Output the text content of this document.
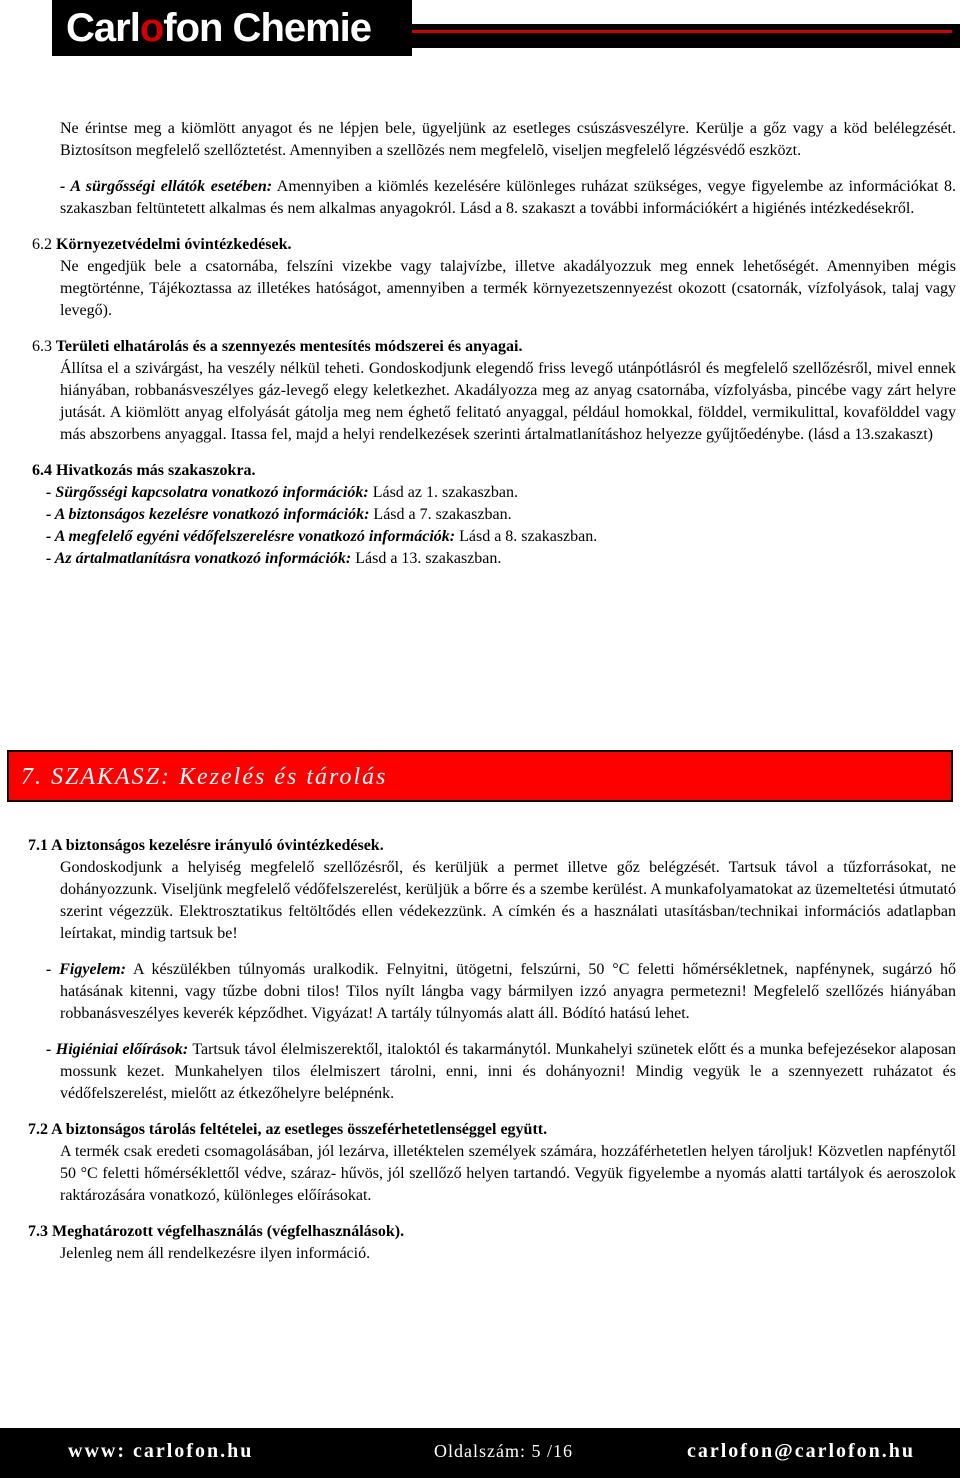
Carlofon Chemie

Ne érintse meg a kiömlött anyagot és ne lépjen bele, ügyeljünk az esetleges csúszásveszélyre. Kerülje a gőz vagy a köd belélegzését. Biztosítson megfelelő szellőztetést. Amennyiben a szellõzés nem megfelelõ, viseljen megfelelő légzésvédő eszközt.

- A sürgősségi ellátók esetében: Amennyiben a kiömlés kezelésére különleges ruházat szükséges, vegye figyelembe az információkat 8. szakaszban feltüntetett alkalmas és nem alkalmas anyagokról. Lásd a 8. szakaszt a további információkért a higiénés intézkedésekről.

6.2 Környezetvédelmi óvintézkedések.

Ne engedjük bele a csatornába, felszíni vizekbe vagy talajvízbe, illetve akadályozzuk meg ennek lehetőségét. Amennyiben mégis megtörténne, Tájékoztassa az illetékes hatóságot, amennyiben a termék környezetszennyezést okozott (csatornák, vízfolyások, talaj vagy levegő).

6.3 Területi elhatárolás és a szennyezés mentesítés módszerei és anyagai.

Állítsa el a szivárgást, ha veszély nélkül teheti. Gondoskodjunk elegendő friss levegő utánpótlásról és megfelelő szellőzésről, mivel ennek hiányában, robbanásveszélyes gáz-levegő elegy keletkezhet. Akadályozza meg az anyag csatornába, vízfolyásba, pincébe vagy zárt helyre jutását. A kiömlött anyag elfolyását gátolja meg nem éghető felitató anyaggal, például homokkal, földdel, vermikulittal, kovafölddel vagy más abszorbens anyaggal. Itassa fel, majd a helyi rendelkezések szerinti ártalmatlanításhoz helyezze gyűjtőedénybe. (lásd a 13.szakaszt)

6.4 Hivatkozás más szakaszokra.

- Sürgősségi kapcsolatra vonatkozó információk: Lásd az 1. szakaszban.

- A biztonságos kezelésre vonatkozó információk: Lásd a 7. szakaszban.

- A megfelelő egyéni védőfelszerelésre vonatkozó információk: Lásd a 8. szakaszban.

- Az ártalmatlanításra vonatkozó információk: Lásd a 13. szakaszban.

7. SZAKASZ: Kezelés és tárolás

7.1 A biztonságos kezelésre irányuló óvintézkedések.

Gondoskodjunk a helyiség megfelelő szellőzésről, és kerüljük a permet illetve gőz belégzését. Tartsuk távol a tűzforrásokat, ne dohányozzunk. Viseljünk megfelelő védőfelszerelést, kerüljük a bőrre és a szembe kerülést. A munkafolyamatokat az üzemeltetési útmutató szerint végezzük. Elektrosztatikus feltöltődés ellen védekezzünk. A címkén és a használati utasításban/technikai információs adatlapban leírtakat, mindig tartsuk be!

- Figyelem: A készülékben túlnyomás uralkodik. Felnyitni, ütögetni, felszúrni, 50 °C feletti hőmérsékletnek, napfénynek, sugárzó hő hatásának kitenni, vagy tűzbe dobni tilos! Tilos nyílt lángba vagy bármilyen izzó anyagra permetezni! Megfelelő szellőzés hiányában robbanásveszélyes keverék képződhet. Vigyázat! A tartály túlnyomás alatt áll. Bódító hatású lehet.

- Higiéniai előírások: Tartsuk távol élelmiszerektől, italoktól és takarmánytól. Munkahelyi szünetek előtt és a munka befejezésekor alaposan mossunk kezet. Munkahelyen tilos élelmiszert tárolni, enni, inni és dohányozni! Mindig vegyük le a szennyezett ruházatot és védőfelszerelést, mielőtt az étkezőhelyre belépnénk.

7.2 A biztonságos tárolás feltételei, az esetleges összeférhetetlenséggel együtt.

A termék csak eredeti csomagolásában, jól lezárva, illetéktelen személyek számára, hozzáférhetetlen helyen tároljuk! Közvetlen napfénytől 50 °C feletti hőmérséklettől védve, száraz- hűvös, jól szellőző helyen tartandó. Vegyük figyelembe a nyomás alatti tartályok és aeroszolok raktározására vonatkozó, különleges előírásokat.

7.3 Meghatározott végfelhasználás (végfelhasználások).

Jelenleg nem áll rendelkezésre ilyen információ.

www: carlofon.hu	Oldalszám: 5 /16	carlofon@carlofon.hu
